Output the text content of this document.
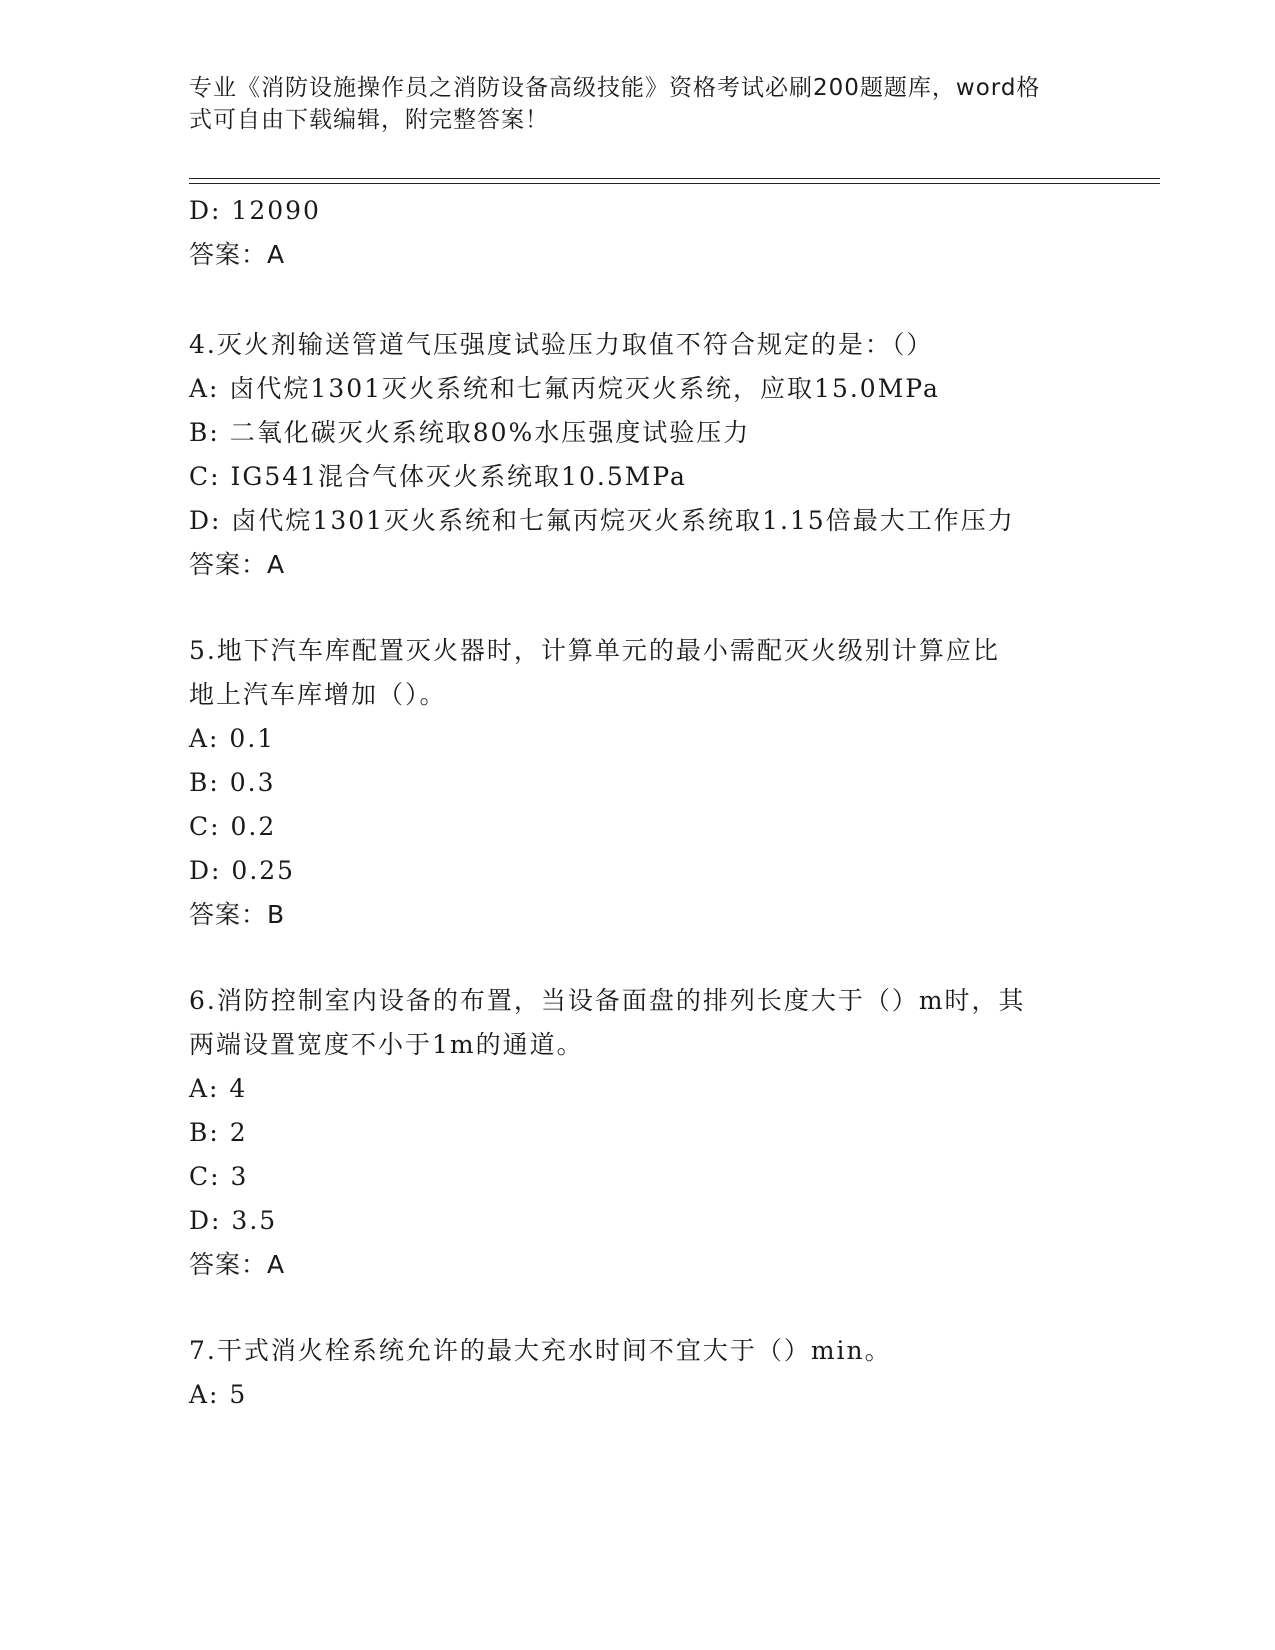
专业《消防设施操作员之消防设备高级技能》资格考试必刷200题题库，word格
式可自由下载编辑，附完整答案！
D: 12090
答案：A
4.灭火剂输送管道气压强度试验压力取值不符合规定的是：（）
A: 卤代烷1301灭火系统和七氟丙烷灭火系统，应取15.0MPa
B: 二氧化碳灭火系统取80%水压强度试验压力
C: IG541混合气体灭火系统取10.5MPa
D: 卤代烷1301灭火系统和七氟丙烷灭火系统取1.15倍最大工作压力
答案：A
5.地下汽车库配置灭火器时，计算单元的最小需配灭火级别计算应比
地上汽车库增加（）。
A: 0.1
B: 0.3
C: 0.2
D: 0.25
答案：B
6.消防控制室内设备的布置，当设备面盘的排列长度大于（）m时，其
两端设置宽度不小于1m的通道。
A: 4
B: 2
C: 3
D: 3.5
答案：A
7.干式消火栓系统允许的最大充水时间不宜大于（）min。
A: 5
